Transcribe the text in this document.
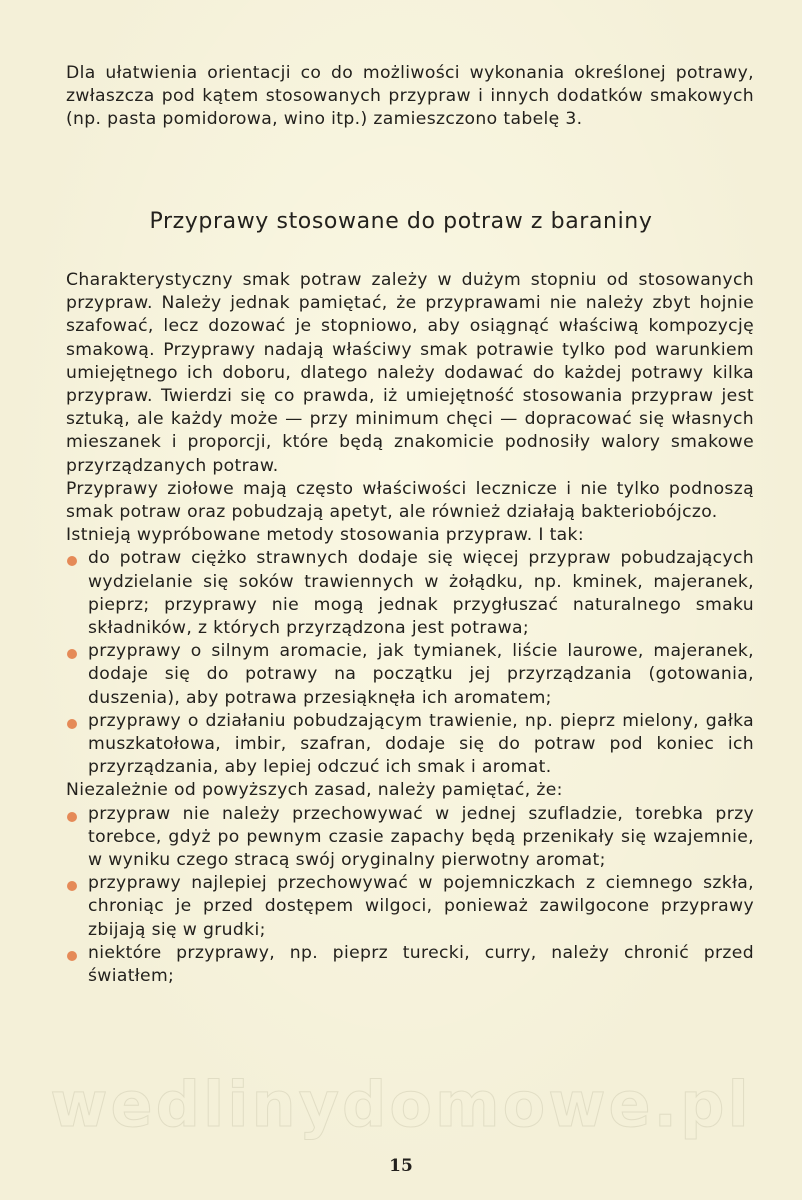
Dla ułatwienia orientacji co do możliwości wykonania określonej potrawy, zwłaszcza pod kątem stosowanych przypraw i innych dodatków smakowych (np. pasta pomidorowa, wino itp.) zamieszczono tabelę 3.

Przyprawy stosowane do potraw z baraniny

Charakterystyczny smak potraw zależy w dużym stopniu od stosowanych przypraw. Należy jednak pamiętać, że przyprawami nie należy zbyt hojnie szafować, lecz dozować je stopniowo, aby osiągnąć właściwą kompozycję smakową. Przyprawy nadają właściwy smak potrawie tylko pod warunkiem umiejętnego ich doboru, dlatego należy dodawać do każdej potrawy kilka przypraw. Twierdzi się co prawda, iż umiejętność stosowania przypraw jest sztuką, ale każdy może — przy minimum chęci — dopracować się własnych mieszanek i proporcji, które będą znakomicie podnosiły walory smakowe przyrządzanych potraw.

Przyprawy ziołowe mają często właściwości lecznicze i nie tylko podnoszą smak potraw oraz pobudzają apetyt, ale również działają bakteriobójczo.

Istnieją wypróbowane metody stosowania przypraw. I tak:

do potraw ciężko strawnych dodaje się więcej przypraw pobudzających wydzielanie się soków trawiennych w żołądku, np. kminek, majeranek, pieprz; przyprawy nie mogą jednak przygłuszać naturalnego smaku składników, z których przyrządzona jest potrawa;
przyprawy o silnym aromacie, jak tymianek, liście laurowe, majeranek, dodaje się do potrawy na początku jej przyrządzania (gotowania, duszenia), aby potrawa przesiąknęła ich aromatem;
przyprawy o działaniu pobudzającym trawienie, np. pieprz mielony, gałka muszkatołowa, imbir, szafran, dodaje się do potraw pod koniec ich przyrządzania, aby lepiej odczuć ich smak i aromat.

Niezależnie od powyższych zasad, należy pamiętać, że:

przypraw nie należy przechowywać w jednej szufladzie, torebka przy torebce, gdyż po pewnym czasie zapachy będą przenikały się wzajemnie, w wyniku czego stracą swój oryginalny pierwotny aromat;
przyprawy najlepiej przechowywać w pojemniczkach z ciemnego szkła, chroniąc je przed dostępem wilgoci, ponieważ zawilgocone przyprawy zbijają się w grudki;
niektóre przyprawy, np. pieprz turecki, curry, należy chronić przed światłem;

wedlinydomowe.pl

15
